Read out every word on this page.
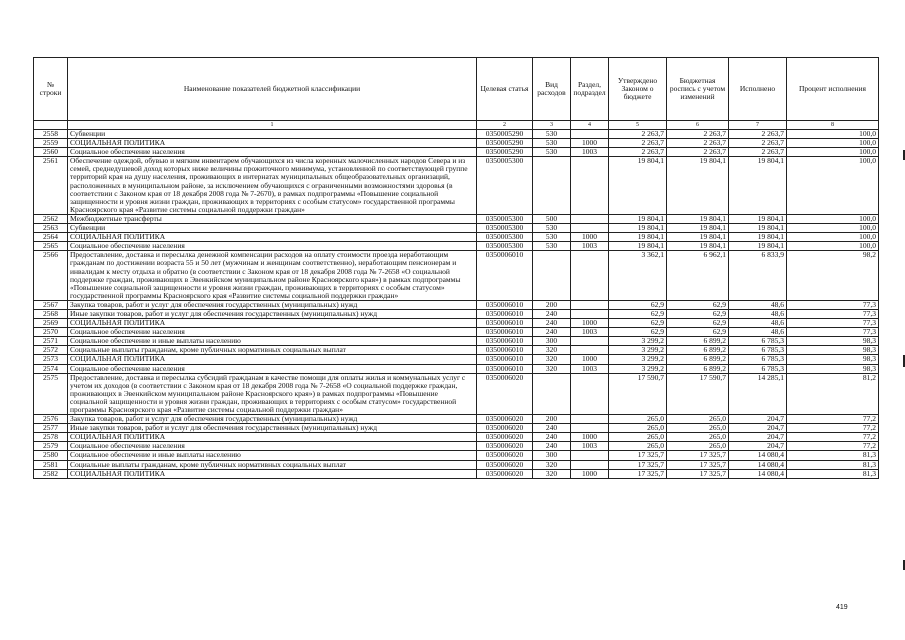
№ строки	Наименование показателей бюджетной классификации	Целевая статья	Вид расходов	Раздел, подраздел	Утверждено Законом о бюджете	Бюджетная роспись с учетом изменений	Исполнено	Процент исполнения
	1	2	3	4	5	6	7	8
2558	Субвенции	0350005290	530		2 263,7	2 263,7	2 263,7	100,0
2559	СОЦИАЛЬНАЯ ПОЛИТИКА	0350005290	530	1000	2 263,7	2 263,7	2 263,7	100,0
2560	Социальное обеспечение населения	0350005290	530	1003	2 263,7	2 263,7	2 263,7	100,0
2561	Обеспечение одеждой, обувью и мягким инвентарем обучающихся из числа коренных малочисленных народов Севера и из семей, среднедушевой доход которых ниже величины прожиточного минимума, установленной по соответствующей группе территорий края на душу населения, проживающих в интернатах муниципальных общеобразовательных организаций, расположенных в муниципальном районе, за исключением обучающихся с ограниченными возможностями здоровья (в соответствии с Законом края от 18 декабря 2008 года № 7-2670), в рамках подпрограммы «Повышение социальной защищенности и уровня жизни граждан, проживающих в территориях с особым статусом» государственной программы Красноярского края «Развитие системы социальной поддержки граждан»	0350005300			19 804,1	19 804,1	19 804,1	100,0
2562	Межбюджетные трансферты	0350005300	500		19 804,1	19 804,1	19 804,1	100,0
2563	Субвенции	0350005300	530		19 804,1	19 804,1	19 804,1	100,0
2564	СОЦИАЛЬНАЯ ПОЛИТИКА	0350005300	530	1000	19 804,1	19 804,1	19 804,1	100,0
2565	Социальное обеспечение населения	0350005300	530	1003	19 804,1	19 804,1	19 804,1	100,0
2566	Предоставление, доставка и пересылка денежной компенсации расходов на оплату стоимости проезда неработающим гражданам по достижении возраста 55 и 50 лет (мужчинам и женщинам соответственно), неработающим пенсионерам и инвалидам к месту отдыха и обратно (в соответствии с Законом края от 18 декабря 2008 года № 7-2658 «О социальной поддержке граждан, проживающих в Эвенкийском муниципальном районе Красноярского края») в рамках подпрограммы «Повышение социальной защищенности и уровня жизни граждан, проживающих в территориях с особым статусом» государственной программы Красноярского края «Развитие системы социальной поддержки граждан»	0350006010			3 362,1	6 962,1	6 833,9	98,2
2567	Закупка товаров, работ и услуг для обеспечения государственных (муниципальных) нужд	0350006010	200		62,9	62,9	48,6	77,3
2568	Иные закупки товаров, работ и услуг для обеспечения государственных (муниципальных) нужд	0350006010	240		62,9	62,9	48,6	77,3
2569	СОЦИАЛЬНАЯ ПОЛИТИКА	0350006010	240	1000	62,9	62,9	48,6	77,3
2570	Социальное обеспечение населения	0350006010	240	1003	62,9	62,9	48,6	77,3
2571	Социальное обеспечение и иные выплаты населению	0350006010	300		3 299,2	6 899,2	6 785,3	98,3
2572	Социальные выплаты гражданам, кроме публичных нормативных социальных выплат	0350006010	320		3 299,2	6 899,2	6 785,3	98,3
2573	СОЦИАЛЬНАЯ ПОЛИТИКА	0350006010	320	1000	3 299,2	6 899,2	6 785,3	98,3
2574	Социальное обеспечение населения	0350006010	320	1003	3 299,2	6 899,2	6 785,3	98,3
2575	Предоставление, доставка и пересылка субсидий гражданам в качестве помощи для оплаты жилья и коммунальных услуг с учетом их доходов (в соответствии с Законом края от 18 декабря 2008 года № 7-2658 «О социальной поддержке граждан, проживающих в Эвенкийском муниципальном районе Красноярского края») в рамках подпрограммы «Повышение социальной защищенности и уровня жизни граждан, проживающих в территориях с особым статусом» государственной программы Красноярского края «Развитие системы социальной поддержки граждан»	0350006020			17 590,7	17 590,7	14 285,1	81,2
2576	Закупка товаров, работ и услуг для обеспечения государственных (муниципальных) нужд	0350006020	200		265,0	265,0	204,7	77,2
2577	Иные закупки товаров, работ и услуг для обеспечения государственных (муниципальных) нужд	0350006020	240		265,0	265,0	204,7	77,2
2578	СОЦИАЛЬНАЯ ПОЛИТИКА	0350006020	240	1000	265,0	265,0	204,7	77,2
2579	Социальное обеспечение населения	0350006020	240	1003	265,0	265,0	204,7	77,2
2580	Социальное обеспечение и иные выплаты населению	0350006020	300		17 325,7	17 325,7	14 080,4	81,3
2581	Социальные выплаты гражданам, кроме публичных нормативных социальных выплат	0350006020	320		17 325,7	17 325,7	14 080,4	81,3
2582	СОЦИАЛЬНАЯ ПОЛИТИКА	0350006020	320	1000	17 325,7	17 325,7	14 080,4	81,3
419
